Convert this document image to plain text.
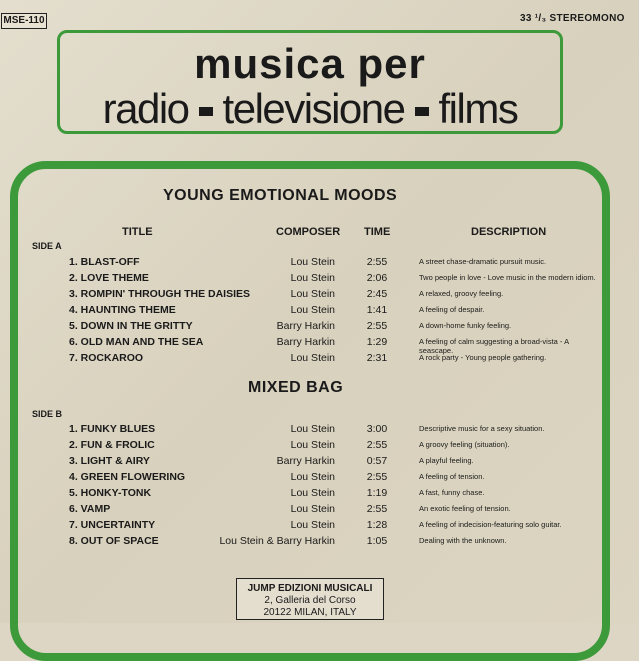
MSE-110	33 ¹/₃ STEREOMONO
musica per
radio televisione films
YOUNG EMOTIONAL MOODS
TITLE	COMPOSER TIME	DESCRIPTION
SIDE A
1. BLAST-OFF	Lou Stein	2:55	A street chase-dramatic pursuit music.
2. LOVE THEME	Lou Stein	2:06	Two people in love - Love music in the modern idiom.
3. ROMPIN' THROUGH THE DAISIES	Lou Stein	2:45	A relaxed, groovy feeling.
4. HAUNTING THEME	Lou Stein	1:41	A feeling of despair.
5. DOWN IN THE GRITTY	Barry Harkin	2:55	A down-home funky feeling.
6. OLD MAN AND THE SEA	Barry Harkin	1:29	A feeling of calm suggesting a broad-vista - A seascape.
7. ROCKAROO	Lou Stein	2:31	A rock party - Young people gathering.
MIXED BAG
SIDE B
1. FUNKY BLUES	Lou Stein	3:00	Descriptive music for a sexy situation.
2. FUN & FROLIC	Lou Stein	2:55	A groovy feeling (situation).
3. LIGHT & AIRY	Barry Harkin	0:57	A playful feeling.
4. GREEN FLOWERING	Lou Stein	2:55	A feeling of tension.
5. HONKY-TONK	Lou Stein	1:19	A fast, funny chase.
6. VAMP	Lou Stein	2:55	An exotic feeling of tension.
7. UNCERTAINTY	Lou Stein	1:28	A feeling of indecision-featuring solo guitar.
8. OUT OF SPACE	Lou Stein & Barry Harkin	1:05	Dealing with the unknown.
JUMP EDIZIONI MUSICALI
2, Galleria del Corso
20122 MILAN, ITALY
